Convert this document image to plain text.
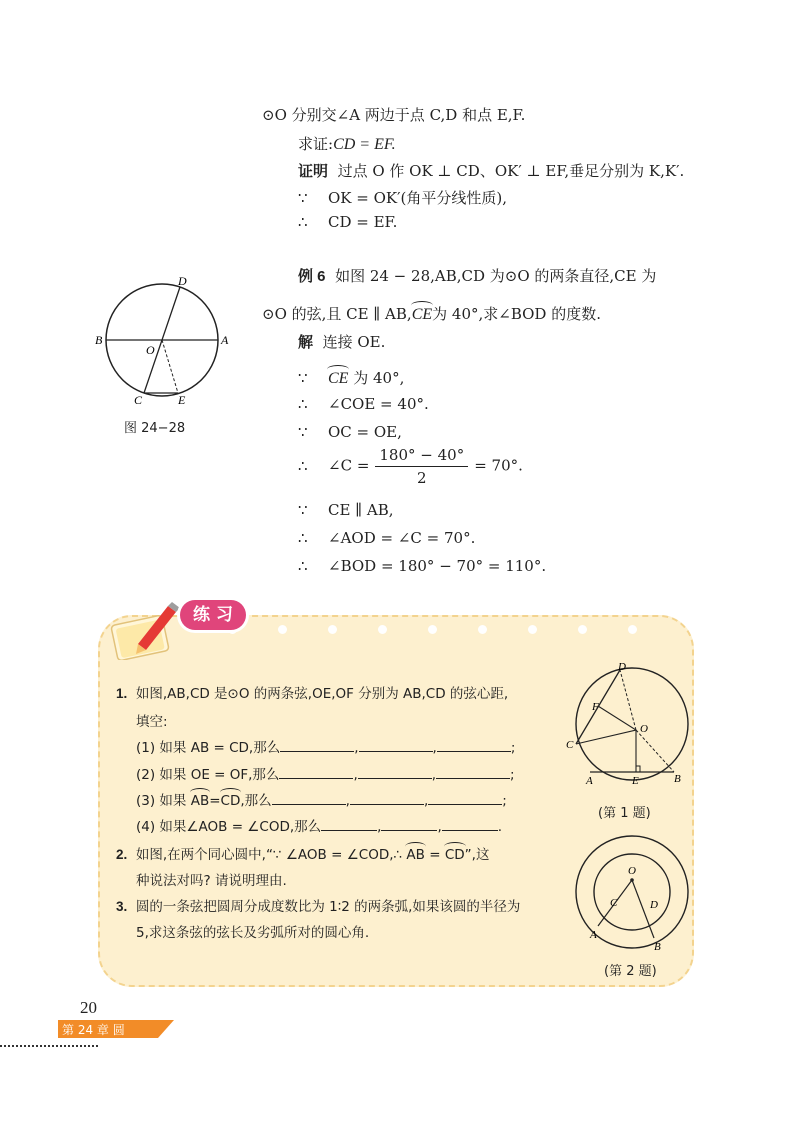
⊙O 分别交∠A 两边于点 C,D 和点 E,F.
求证:CD = EF.
证明 过点 O 作 OK ⊥ CD、OK′ ⊥ EF,垂足分别为 K,K′.
∵ OK = OK′(角平分线性质),
∴ CD = EF.
例 6 如图 24 − 28,AB,CD 为⊙O 的两条直径,CE 为
⊙O 的弦,且 CE ∥ AB,CE为 40°,求∠BOD 的度数.
解 连接 OE.
∵ CE 为 40°,
∴ ∠COE = 40°.
∵ OC = OE,
∴ ∠C = $\frac{180^\circ - 40^\circ}{2} = 70^\circ$.
∵ CE ∥ AB,
∴ ∠AOD = ∠C = 70°.
∴ ∠BOD = 180° − 70° = 110°.
D
A
B
O
C	E
图 24−28
练 习
1. 如图,AB,CD 是⊙O 的两条弦,OE,OF 分别为 AB,CD 的弦心距,
填空:
(1) 如果 AB = CD,那么	,	,	;
(2) 如果 OE = OF,那么	,	,	;
(3) 如果 AB=CD,那么	,	,	;
(4) 如果∠AOB = ∠COD,那么	,	,	.
2. 如图,在两个同心圆中,“∵ ∠AOB = ∠COD,∴ AB = CD”,这
种说法对吗? 请说明理由.
3. 圆的一条弦把圆周分成度数比为 1∶2 的两条弧,如果该圆的半径为
5,求这条弦的弦长及劣弧所对的圆心角.
D
F
O
C
A	E	B
(第 1 题)
O
C	D
A
B
(第 2 题)
20
第 24 章 圆
